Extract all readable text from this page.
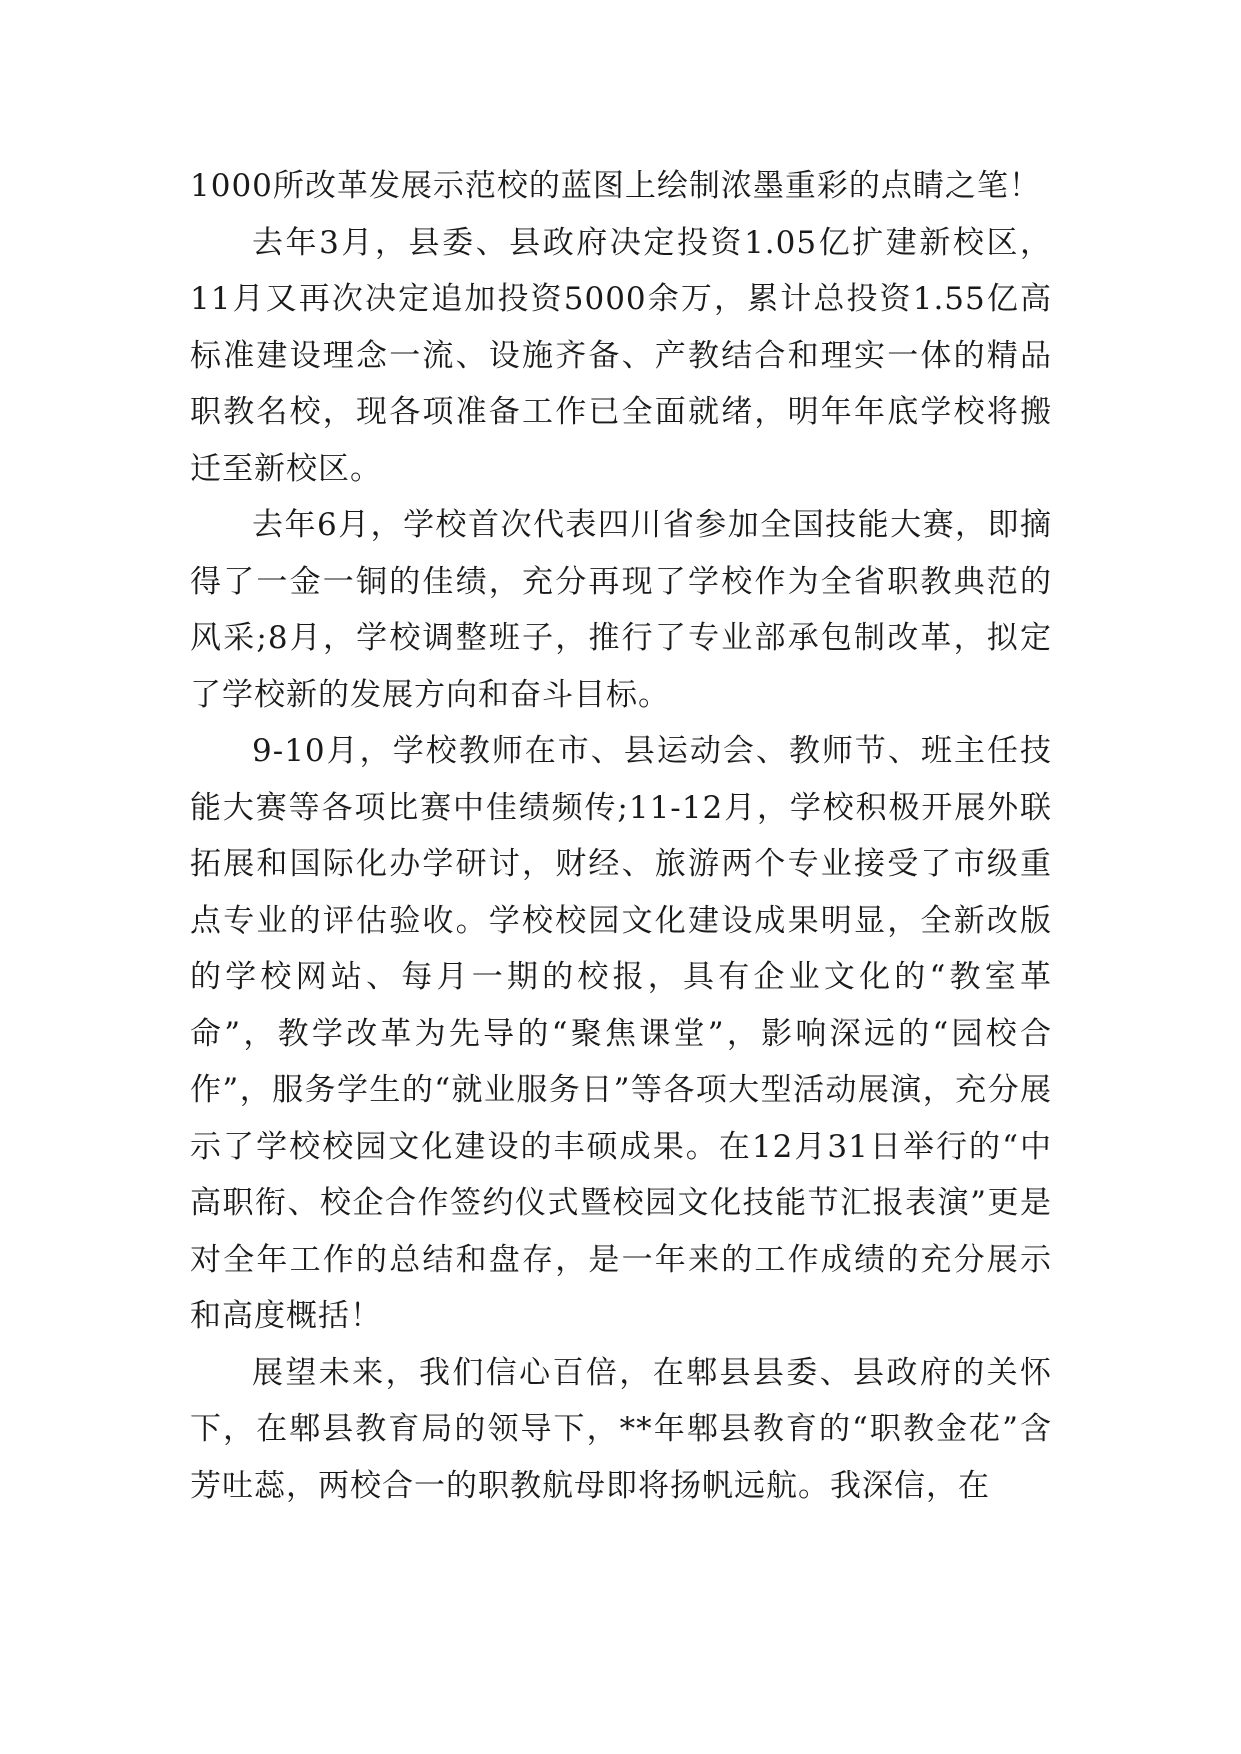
1000所改革发展示范校的蓝图上绘制浓墨重彩的点睛之笔！

去年3月，县委、县政府决定投资1.05亿扩建新校区，11月又再次决定追加投资5000余万，累计总投资1.55亿高标准建设理念一流、设施齐备、产教结合和理实一体的精品职教名校，现各项准备工作已全面就绪，明年年底学校将搬迁至新校区。

去年6月，学校首次代表四川省参加全国技能大赛，即摘得了一金一铜的佳绩，充分再现了学校作为全省职教典范的风采;8月，学校调整班子，推行了专业部承包制改革，拟定了学校新的发展方向和奋斗目标。

9-10月，学校教师在市、县运动会、教师节、班主任技能大赛等各项比赛中佳绩频传;11-12月，学校积极开展外联拓展和国际化办学研讨，财经、旅游两个专业接受了市级重点专业的评估验收。学校校园文化建设成果明显，全新改版的学校网站、每月一期的校报，具有企业文化的“教室革命”，教学改革为先导的“聚焦课堂”，影响深远的“园校合作”，服务学生的“就业服务日”等各项大型活动展演，充分展示了学校校园文化建设的丰硕成果。在12月31日举行的“中高职衔、校企合作签约仪式暨校园文化技能节汇报表演”更是对全年工作的总结和盘存，是一年来的工作成绩的充分展示和高度概括！

展望未来，我们信心百倍，在郫县县委、县政府的关怀下，在郫县教育局的领导下，**年郫县教育的“职教金花”含芳吐蕊，两校合一的职教航母即将扬帆远航。我深信，在
